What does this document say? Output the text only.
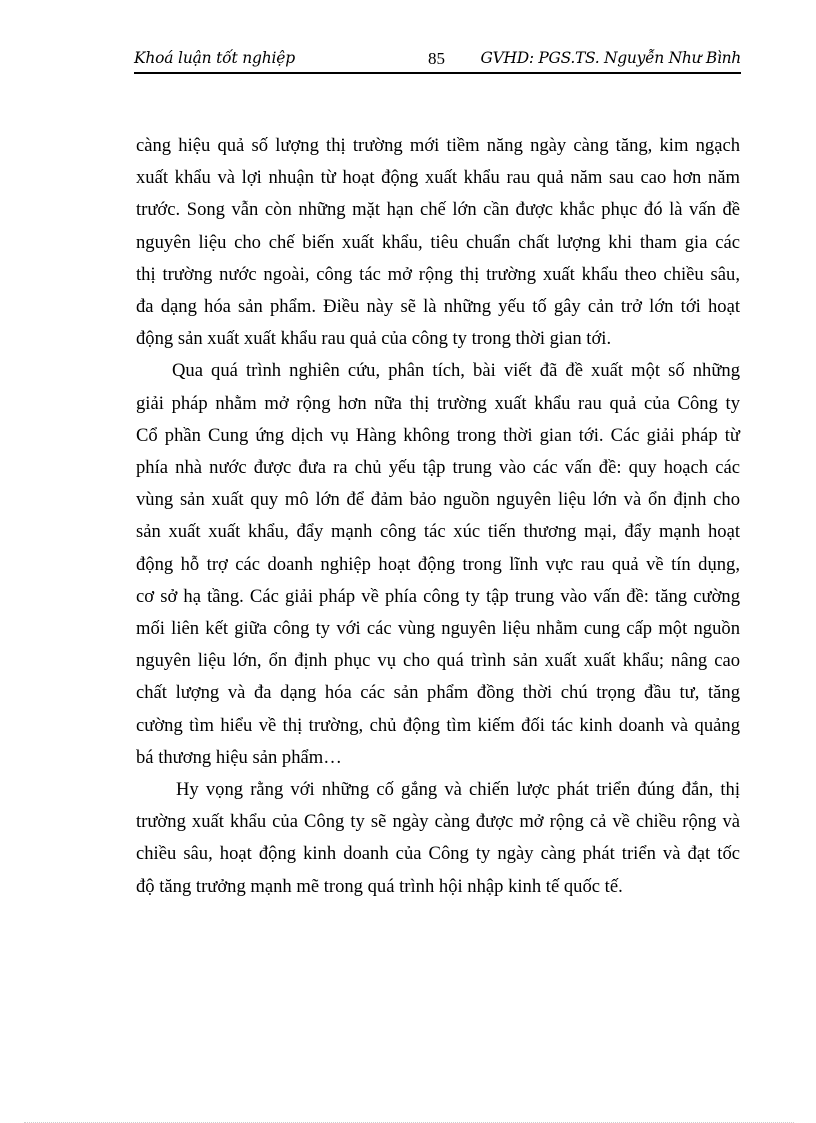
Khoá luận tốt nghiệp	85 GVHD: PGS.TS. Nguyễn Như Bình

càng hiệu quả số lượng thị trường mới tiềm năng ngày càng tăng, kim ngạch
xuất khẩu và lợi nhuận từ hoạt động xuất khẩu rau quả năm sau cao hơn năm
trước. Song vẫn còn những mặt hạn chế lớn cần được khắc phục đó là vấn đề
nguyên liệu cho chế biến xuất khẩu, tiêu chuẩn chất lượng khi tham gia các
thị trường nước ngoài, công tác mở rộng thị trường xuất khẩu theo chiều sâu,
đa dạng hóa sản phẩm. Điều này sẽ là những yếu tố gây cản trở lớn tới hoạt
động sản xuất xuất khẩu rau quả của công ty trong thời gian tới.

Qua quá trình nghiên cứu, phân tích, bài viết đã đề xuất một số những
giải pháp nhằm mở rộng hơn nữa thị trường xuất khẩu rau quả của Công ty
Cổ phần Cung ứng dịch vụ Hàng không trong thời gian tới. Các giải pháp từ
phía nhà nước được đưa ra chủ yếu tập trung vào các vấn đề: quy hoạch các
vùng sản xuất quy mô lớn để đảm bảo nguồn nguyên liệu lớn và ổn định cho
sản xuất xuất khẩu, đẩy mạnh công tác xúc tiến thương mại, đẩy mạnh hoạt
động hỗ trợ các doanh nghiệp hoạt động trong lĩnh vực rau quả về tín dụng,
cơ sở hạ tầng. Các giải pháp về phía công ty tập trung vào vấn đề: tăng cường
mối liên kết giữa công ty với các vùng nguyên liệu nhằm cung cấp một nguồn
nguyên liệu lớn, ổn định phục vụ cho quá trình sản xuất xuất khẩu; nâng cao
chất lượng và đa dạng hóa các sản phẩm đồng thời chú trọng đầu tư, tăng
cường tìm hiểu về thị trường, chủ động tìm kiếm đối tác kinh doanh và quảng
bá thương hiệu sản phẩm…

Hy vọng rằng với những cố gắng và chiến lược phát triển đúng đắn, thị
trường xuất khẩu của Công ty sẽ ngày càng được mở rộng cả về chiều rộng và
chiều sâu, hoạt động kinh doanh của Công ty ngày càng phát triển và đạt tốc
độ tăng trưởng mạnh mẽ trong quá trình hội nhập kinh tế quốc tế.
